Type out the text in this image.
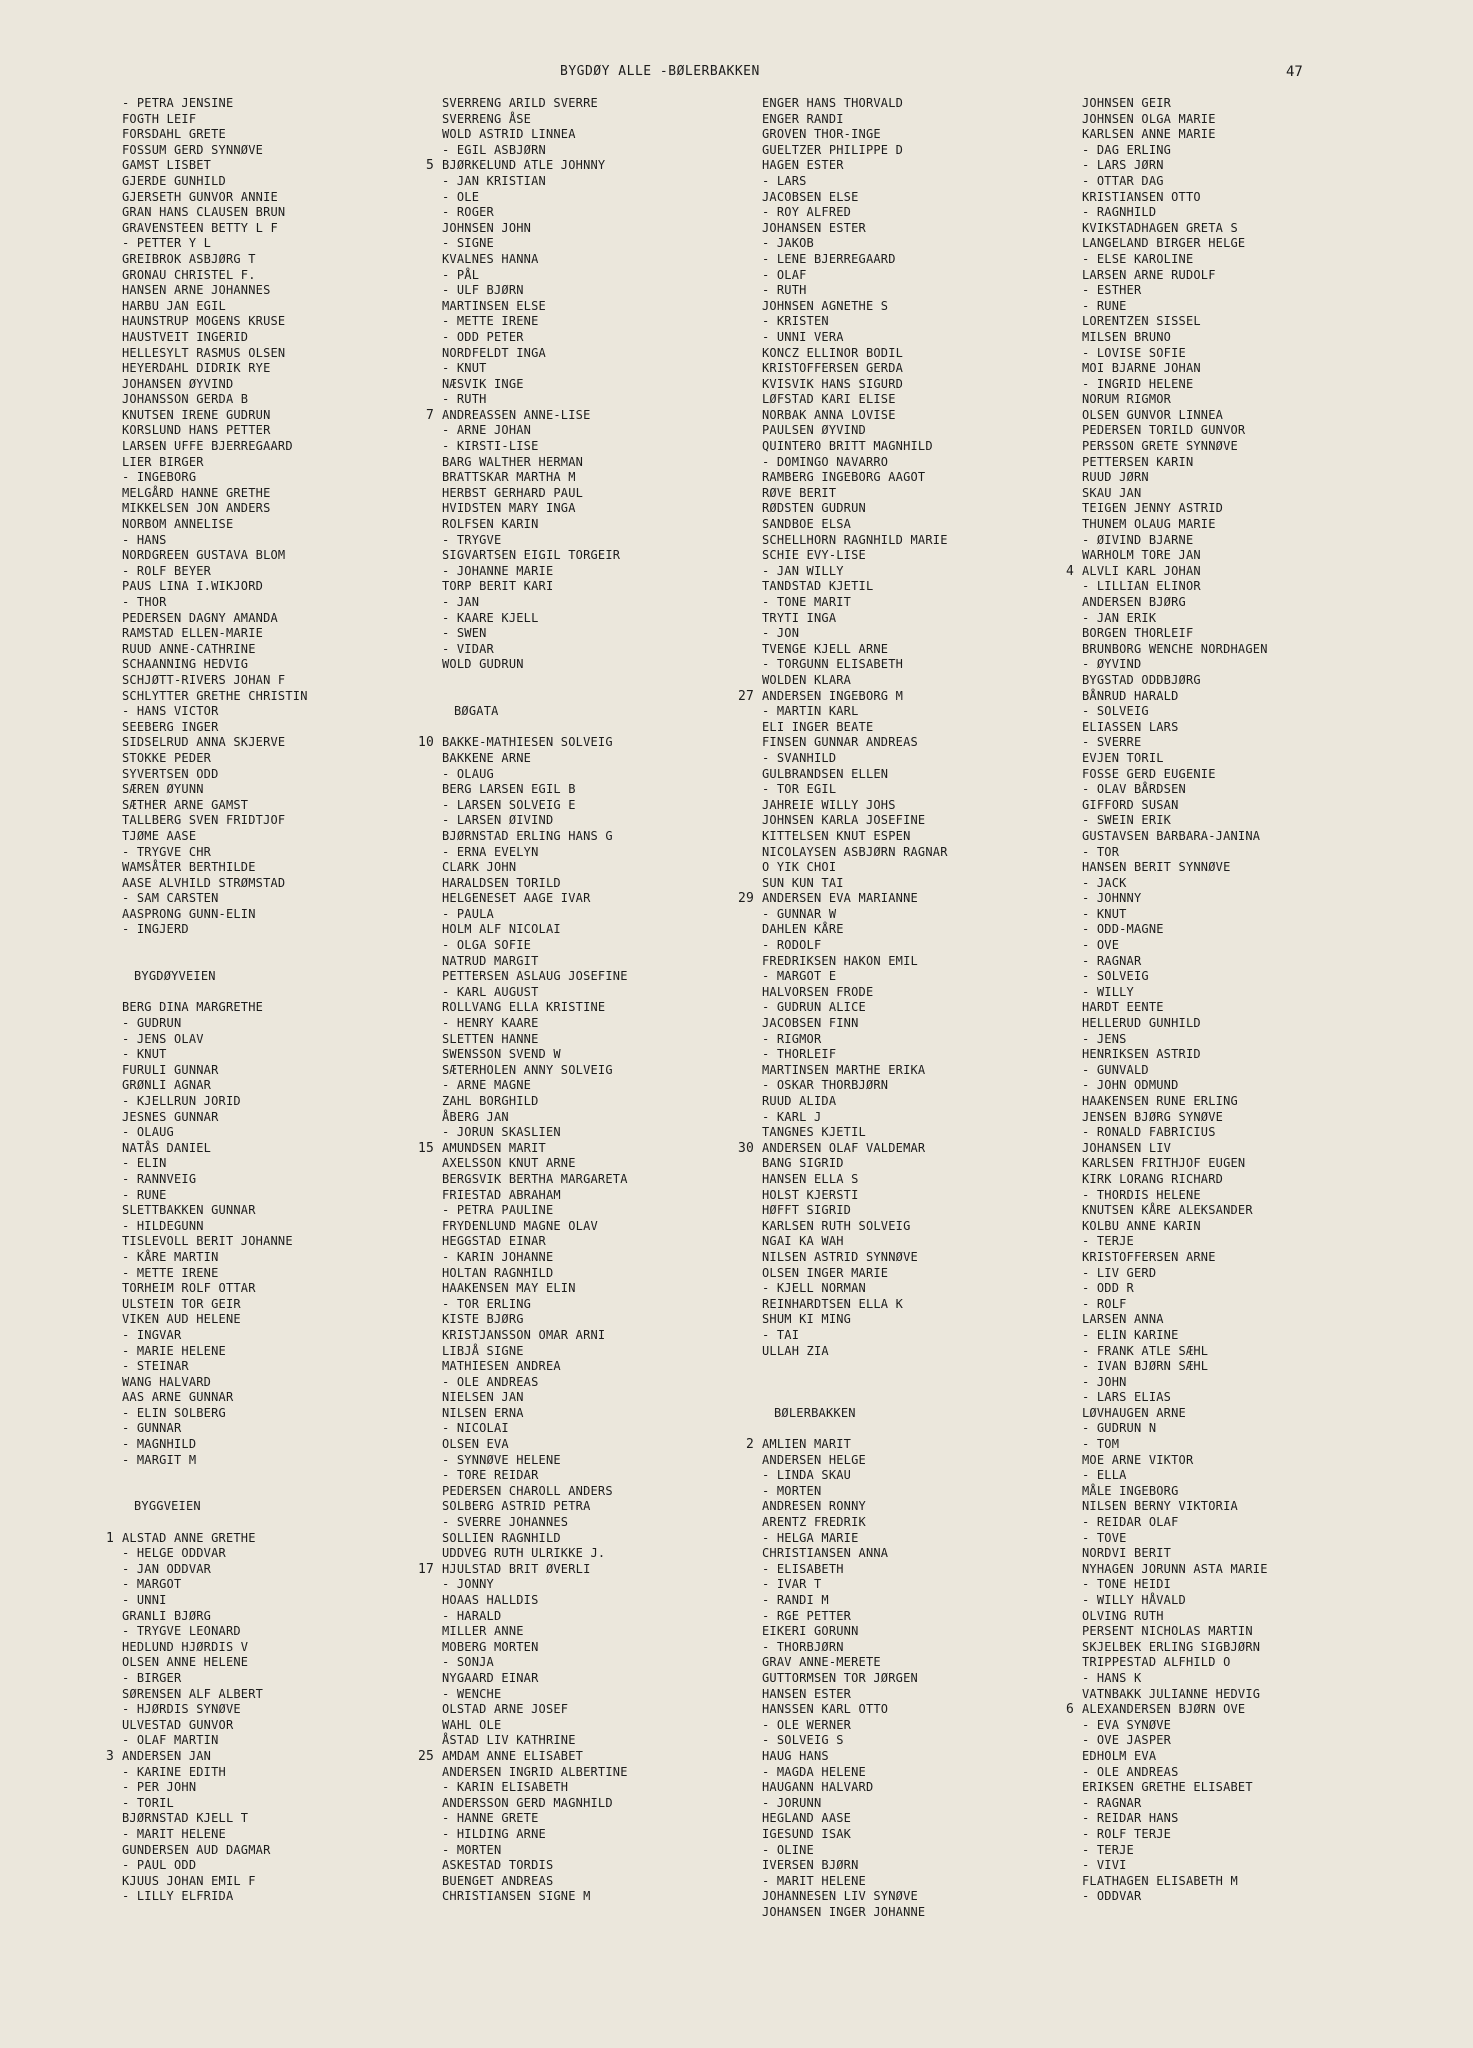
BYGDØY ALLE -BØLERBAKKEN	47
- PETRA JENSINE
FOGTH LEIF
FORSDAHL GRETE
FOSSUM GERD SYNNØVE
GAMST LISBET
GJERDE GUNHILD
GJERSETH GUNVOR ANNIE
GRAN HANS CLAUSEN BRUN
GRAVENSTEEN BETTY L F
- PETTER Y L
GREIBROK ASBJØRG T
GRONAU CHRISTEL F.
HANSEN ARNE JOHANNES
HARBU JAN EGIL
HAUNSTRUP MOGENS KRUSE
HAUSTVEIT INGERID
HELLESYLT RASMUS OLSEN
HEYERDAHL DIDRIK RYE
JOHANSEN ØYVIND
JOHANSSON GERDA B
KNUTSEN IRENE GUDRUN
KORSLUND HANS PETTER
LARSEN UFFE BJERREGAARD
LIER BIRGER
- INGEBORG
MELGÅRD HANNE GRETHE
MIKKELSEN JON ANDERS
NORBOM ANNELISE
- HANS
NORDGREEN GUSTAVA BLOM
- ROLF BEYER
PAUS LINA I.WIKJORD
- THOR
PEDERSEN DAGNY AMANDA
RAMSTAD ELLEN-MARIE
RUUD ANNE-CATHRINE
SCHAANNING HEDVIG
SCHJØTT-RIVERS JOHAN F
SCHLYTTER GRETHE CHRISTIN
- HANS VICTOR
SEEBERG INGER
SIDSELRUD ANNA SKJERVE
STOKKE PEDER
SYVERTSEN ODD
SÆREN ØYUNN
SÆTHER ARNE GAMST
TALLBERG SVEN FRIDTJOF
TJØME AASE
- TRYGVE CHR
WAMSÅTER BERTHILDE
AASE ALVHILD STRØMSTAD
- SAM CARSTEN
AASPRONG GUNN-ELIN
- INGJERD
BYGDØYVEIEN
BERG DINA MARGRETHE
- GUDRUN
- JENS OLAV
- KNUT
FURULI GUNNAR
GRØNLI AGNAR
- KJELLRUN JORID
JESNES GUNNAR
- OLAUG
NATÅS DANIEL
- ELIN
- RANNVEIG
- RUNE
SLETTBAKKEN GUNNAR
- HILDEGUNN
TISLEVOLL BERIT JOHANNE
- KÅRE MARTIN
- METTE IRENE
TORHEIM ROLF OTTAR
ULSTEIN TOR GEIR
VIKEN AUD HELENE
- INGVAR
- MARIE HELENE
- STEINAR
WANG HALVARD
AAS ARNE GUNNAR
- ELIN SOLBERG
- GUNNAR
- MAGNHILD
- MARGIT M
BYGGVEIEN
1 ALSTAD ANNE GRETHE
- HELGE ODDVAR
- JAN ODDVAR
- MARGOT
- UNNI
GRANLI BJØRG
- TRYGVE LEONARD
HEDLUND HJØRDIS V
OLSEN ANNE HELENE
- BIRGER
SØRENSEN ALF ALBERT
- HJØRDIS SYNØVE
ULVESTAD GUNVOR
- OLAF MARTIN
3 ANDERSEN JAN
- KARINE EDITH
- PER JOHN
- TORIL
BJØRNSTAD KJELL T
- MARIT HELENE
GUNDERSEN AUD DAGMAR
- PAUL ODD
KJUUS JOHAN EMIL F
- LILLY ELFRIDA
SVERRENG ARILD SVERRE
SVERRENG ÅSE
WOLD ASTRID LINNEA
- EGIL ASBJØRN
5 BJØRKELUND ATLE JOHNNY
- JAN KRISTIAN
- OLE
- ROGER
JOHNSEN JOHN
- SIGNE
KVALNES HANNA
- PÅL
- ULF BJØRN
MARTINSEN ELSE
- METTE IRENE
- ODD PETER
NORDFELDT INGA
- KNUT
NÆSVIK INGE
- RUTH
7 ANDREASSEN ANNE-LISE
- ARNE JOHAN
- KIRSTI-LISE
BARG WALTHER HERMAN
BRATTSKAR MARTHA M
HERBST GERHARD PAUL
HVIDSTEN MARY INGA
ROLFSEN KARIN
- TRYGVE
SIGVARTSEN EIGIL TORGEIR
- JOHANNE MARIE
TORP BERIT KARI
- JAN
- KAARE KJELL
- SWEN
- VIDAR
WOLD GUDRUN
BØGATA
10 BAKKE-MATHIESEN SOLVEIG
BAKKENE ARNE
- OLAUG
BERG LARSEN EGIL B
- LARSEN SOLVEIG E
- LARSEN ØIVIND
BJØRNSTAD ERLING HANS G
- ERNA EVELYN
CLARK JOHN
HARALDSEN TORILD
HELGENESET AAGE IVAR
- PAULA
HOLM ALF NICOLAI
- OLGA SOFIE
NATRUD MARGIT
PETTERSEN ASLAUG JOSEFINE
- KARL AUGUST
ROLLVANG ELLA KRISTINE
- HENRY KAARE
SLETTEN HANNE
SWENSSON SVEND W
SÆTERHOLEN ANNY SOLVEIG
- ARNE MAGNE
ZAHL BORGHILD
ÅBERG JAN
- JORUN SKASLIEN
15 AMUNDSEN MARIT
AXELSSON KNUT ARNE
BERGSVIK BERTHA MARGARETA
FRIESTAD ABRAHAM
- PETRA PAULINE
FRYDENLUND MAGNE OLAV
HEGGSTAD EINAR
- KARIN JOHANNE
HOLTAN RAGNHILD
HAAKENSEN MAY ELIN
- TOR ERLING
KISTE BJØRG
KRISTJANSSON OMAR ARNI
LIBJÅ SIGNE
MATHIESEN ANDREA
- OLE ANDREAS
NIELSEN JAN
NILSEN ERNA
- NICOLAI
OLSEN EVA
- SYNNØVE HELENE
- TORE REIDAR
PEDERSEN CHAROLL ANDERS
SOLBERG ASTRID PETRA
- SVERRE JOHANNES
SOLLIEN RAGNHILD
UDDVEG RUTH ULRIKKE J.
17 HJULSTAD BRIT ØVERLI
- JONNY
HOAAS HALLDIS
- HARALD
MILLER ANNE
MOBERG MORTEN
- SONJA
NYGAARD EINAR
- WENCHE
OLSTAD ARNE JOSEF
WAHL OLE
ÅSTAD LIV KATHRINE
25 AMDAM ANNE ELISABET
ANDERSEN INGRID ALBERTINE
- KARIN ELISABETH
ANDERSSON GERD MAGNHILD
- HANNE GRETE
- HILDING ARNE
- MORTEN
ASKESTAD TORDIS
BUENGET ANDREAS
CHRISTIANSEN SIGNE M
ENGER HANS THORVALD
ENGER RANDI
GROVEN THOR-INGE
GUELTZER PHILIPPE D
HAGEN ESTER
- LARS
JACOBSEN ELSE
- ROY ALFRED
JOHANSEN ESTER
- JAKOB
- LENE BJERREGAARD
- OLAF
- RUTH
JOHNSEN AGNETHE S
- KRISTEN
- UNNI VERA
KONCZ ELLINOR BODIL
KRISTOFFERSEN GERDA
KVISVIK HANS SIGURD
LØFSTAD KARI ELISE
NORBAK ANNA LOVISE
PAULSEN ØYVIND
QUINTERO BRITT MAGNHILD
- DOMINGO NAVARRO
RAMBERG INGEBORG AAGOT
RØVE BERIT
RØDSTEN GUDRUN
SANDBOE ELSA
SCHELLHORN RAGNHILD MARIE
SCHIE EVY-LISE
- JAN WILLY
TANDSTAD KJETIL
- TONE MARIT
TRYTI INGA
- JON
TVENGE KJELL ARNE
- TORGUNN ELISABETH
WOLDEN KLARA
27 ANDERSEN INGEBORG M
- MARTIN KARL
ELI INGER BEATE
FINSEN GUNNAR ANDREAS
- SVANHILD
GULBRANDSEN ELLEN
- TOR EGIL
JAHREIE WILLY JOHS
JOHNSEN KARLA JOSEFINE
KITTELSEN KNUT ESPEN
NICOLAYSEN ASBJØRN RAGNAR
O YIK CHOI
SUN KUN TAI
29 ANDERSEN EVA MARIANNE
- GUNNAR W
DAHLEN KÅRE
- RODOLF
FREDRIKSEN HAKON EMIL
- MARGOT E
HALVORSEN FRODE
- GUDRUN ALICE
JACOBSEN FINN
- RIGMOR
- THORLEIF
MARTINSEN MARTHE ERIKA
- OSKAR THORBJØRN
RUUD ALIDA
- KARL J
TANGNES KJETIL
30 ANDERSEN OLAF VALDEMAR
BANG SIGRID
HANSEN ELLA S
HOLST KJERSTI
HØFFT SIGRID
KARLSEN RUTH SOLVEIG
NGAI KA WAH
NILSEN ASTRID SYNNØVE
OLSEN INGER MARIE
- KJELL NORMAN
REINHARDTSEN ELLA K
SHUM KI MING
- TAI
ULLAH ZIA
BØLERBAKKEN
2 AMLIEN MARIT
ANDERSEN HELGE
- LINDA SKAU
- MORTEN
ANDRESEN RONNY
ARENTZ FREDRIK
- HELGA MARIE
CHRISTIANSEN ANNA
- ELISABETH
- IVAR T
- RANDI M
- RGE PETTER
EIKERI GORUNN
- THORBJØRN
GRAV ANNE-MERETE
GUTTORMSEN TOR JØRGEN
HANSEN ESTER
HANSSEN KARL OTTO
- OLE WERNER
- SOLVEIG S
HAUG HANS
- MAGDA HELENE
HAUGANN HALVARD
- JORUNN
HEGLAND AASE
IGESUND ISAK
- OLINE
IVERSEN BJØRN
- MARIT HELENE
JOHANNESEN LIV SYNØVE
JOHANSEN INGER JOHANNE
JOHNSEN GEIR
JOHNSEN OLGA MARIE
KARLSEN ANNE MARIE
- DAG ERLING
- LARS JØRN
- OTTAR DAG
KRISTIANSEN OTTO
- RAGNHILD
KVIKSTADHAGEN GRETA S
LANGELAND BIRGER HELGE
- ELSE KAROLINE
LARSEN ARNE RUDOLF
- ESTHER
- RUNE
LORENTZEN SISSEL
MILSEN BRUNO
- LOVISE SOFIE
MOI BJARNE JOHAN
- INGRID HELENE
NORUM RIGMOR
OLSEN GUNVOR LINNEA
PEDERSEN TORILD GUNVOR
PERSSON GRETE SYNNØVE
PETTERSEN KARIN
RUUD JØRN
SKAU JAN
TEIGEN JENNY ASTRID
THUNEM OLAUG MARIE
- ØIVIND BJARNE
WARHOLM TORE JAN
4 ALVLI KARL JOHAN
- LILLIAN ELINOR
ANDERSEN BJØRG
- JAN ERIK
BORGEN THORLEIF
BRUNBORG WENCHE NORDHAGEN
- ØYVIND
BYGSTAD ODDBJØRG
BÅNRUD HARALD
- SOLVEIG
ELIASSEN LARS
- SVERRE
EVJEN TORIL
FOSSE GERD EUGENIE
- OLAV BÅRDSEN
GIFFORD SUSAN
- SWEIN ERIK
GUSTAVSEN BARBARA-JANINA
- TOR
HANSEN BERIT SYNNØVE
- JACK
- JOHNNY
- KNUT
- ODD-MAGNE
- OVE
- RAGNAR
- SOLVEIG
- WILLY
HARDT EENTE
HELLERUD GUNHILD
- JENS
HENRIKSEN ASTRID
- GUNVALD
- JOHN ODMUND
HAAKENSEN RUNE ERLING
JENSEN BJØRG SYNØVE
- RONALD FABRICIUS
JOHANSEN LIV
KARLSEN FRITHJOF EUGEN
KIRK LORANG RICHARD
- THORDIS HELENE
KNUTSEN KÅRE ALEKSANDER
KOLBU ANNE KARIN
- TERJE
KRISTOFFERSEN ARNE
- LIV GERD
- ODD R
- ROLF
LARSEN ANNA
- ELIN KARINE
- FRANK ATLE SÆHL
- IVAN BJØRN SÆHL
- JOHN
- LARS ELIAS
LØVHAUGEN ARNE
- GUDRUN N
- TOM
MOE ARNE VIKTOR
- ELLA
MÅLE INGEBORG
NILSEN BERNY VIKTORIA
- REIDAR OLAF
- TOVE
NORDVI BERIT
NYHAGEN JORUNN ASTA MARIE
- TONE HEIDI
- WILLY HÅVALD
OLVING RUTH
PERSENT NICHOLAS MARTIN
SKJELBEK ERLING SIGBJØRN
TRIPPESTAD ALFHILD O
- HANS K
VATNBAKK JULIANNE HEDVIG
6 ALEXANDERSEN BJØRN OVE
- EVA SYNØVE
- OVE JASPER
EDHOLM EVA
- OLE ANDREAS
ERIKSEN GRETHE ELISABET
- RAGNAR
- REIDAR HANS
- ROLF TERJE
- TERJE
- VIVI
FLATHAGEN ELISABETH M
- ODDVAR
